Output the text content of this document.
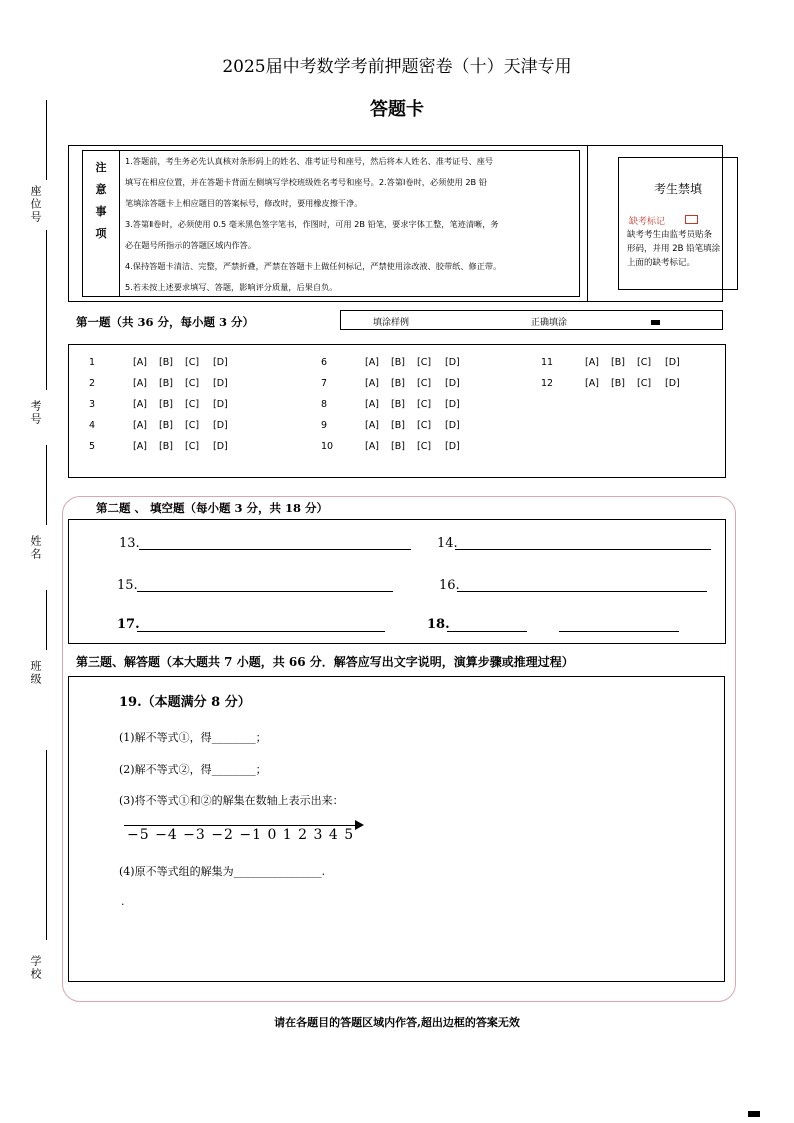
2025届中考数学考前押题密卷（十）天津专用
答题卡
座位号
考号
姓名
班级
学校
注
意
事
项

1.答题前，考生务必先认真核对条形码上的姓名、准考证号和座号，然后将本人姓名、准考证号、座号

填写在相应位置，并在答题卡背面左侧填写学校班级姓名考号和座号。2.答第Ⅰ卷时，必须使用 2B 铅

笔填涂答题卡上相应题目的答案标号，修改时，要用橡皮擦干净。

3.答第Ⅱ卷时，必须使用 0.5 毫米黑色签字笔书，作图时，可用 2B 铅笔，要求字体工整，笔迹清晰，务

必在题号所指示的答题区域内作答。

4.保持答题卡清洁、完整，严禁折叠，严禁在答题卡上做任何标记，严禁使用涂改液、胶带纸、修正带。

5.若未按上述要求填写、答题，影响评分质量，后果自负。

考生禁填
缺考标记
缺考考生由监考员贴条
形码，并用 2B 铅笔填涂
上面的缺考标记。
第一题（共 36 分，每小题 3 分）	填涂样例	正确填涂
1	[A] [B] [C] [D]
2	[A] [B] [C] [D]
3	[A] [B] [C] [D]
4	[A] [B] [C] [D]
5	[A] [B] [C] [D]
6	[A] [B] [C] [D]
7	[A] [B] [C] [D]
8	[A] [B] [C] [D]
9	[A] [B] [C] [D]
10	[A] [B] [C] [D]
11	[A] [B] [C] [D]
12	[A] [B] [C] [D]
第二题 、 填空题（每小题 3 分，共 18 分）
13.	14.
15.	16.
17.	18.
第三题、解答题（本大题共 7 小题，共 66 分．解答应写出文字说明，演算步骤或推理过程）
19.（本题满分 8 分）
(1)解不等式①，得________；
(2)解不等式②，得________；
(3)将不等式①和②的解集在数轴上表示出来：
−5 −4 −3 −2 −1 0 1 2 3 4 5
(4)原不等式组的解集为________________.
.
请在各题目的答题区域内作答,超出边框的答案无效
